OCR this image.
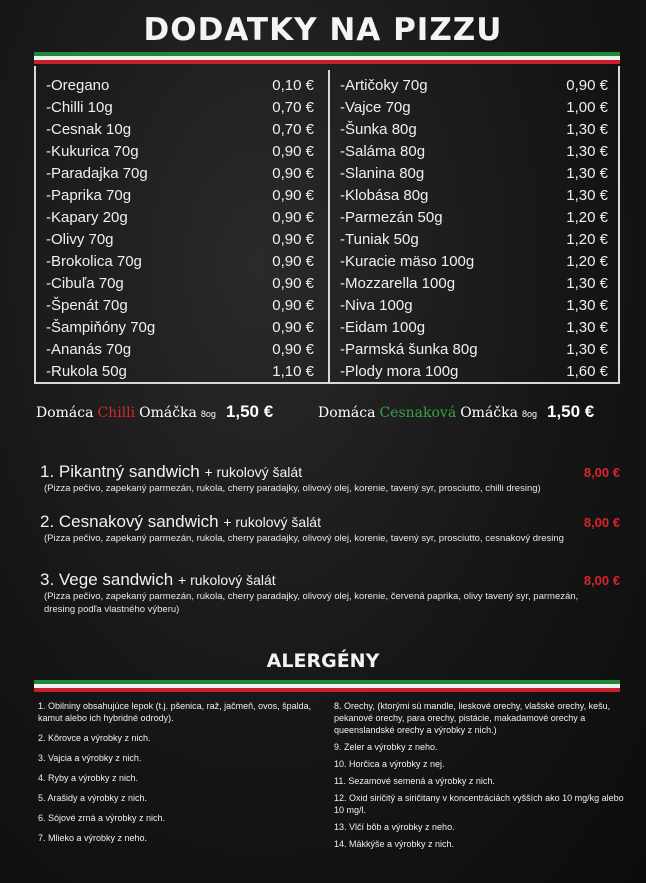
DODATKY NA PIZZU
-Oregano	0,10 €
-Chilli 10g	0,70 €
-Cesnak 10g	0,70 €
-Kukurica 70g	0,90 €
-Paradajka 70g	0,90 €
-Paprika 70g	0,90 €
-Kapary 20g	0,90 €
-Olivy 70g	0,90 €
-Brokolica 70g	0,90 €
-Cibuľa 70g	0,90 €
-Špenát 70g	0,90 €
-Šampiňóny 70g	0,90 €
-Ananás 70g	0,90 €
-Rukola 50g	1,10 €
-Artičoky 70g	0,90 €
-Vajce 70g	1,00 €
-Šunka 80g	1,30 €
-Saláma 80g	1,30 €
-Slanina 80g	1,30 €
-Klobása 80g	1,30 €
-Parmezán 50g	1,20 €
-Tuniak 50g	1,20 €
-Kuracie mäso 100g	1,20 €
-Mozzarella 100g	1,30 €
-Niva 100g	1,30 €
-Eidam 100g	1,30 €
-Parmská šunka 80g	1,30 €
-Plody mora 100g	1,60 €
Domáca Chilli Omáčka 8og 1,50 €	Domáca Cesnaková Omáčka 8og 1,50 €
1. Pikantný sandwich + rukolový šalát	8,00 €
(Pizza pečivo, zapekaný parmezán, rukola, cherry paradajky, olivový olej, korenie, tavený syr, prosciutto, chilli dresing)
2. Cesnakový sandwich + rukolový šalát	8,00 €
(Pizza pečivo, zapekaný parmezán, rukola, cherry paradajky, olivový olej, korenie, tavený syr, prosciutto, cesnakový dresing
3. Vege sandwich + rukolový šalát	8,00 €
(Pizza pečivo, zapekaný parmezán, rukola, cherry paradajky, olivový olej, korenie, červená paprika, olivy tavený syr, parmezán, dresing podľa vlastného výberu)
ALERGÉNY

1. Obilniny obsahujúce lepok (t.j. pšenica, raž, jačmeň, ovos, špalda, kamut alebo ich hybridné odrody).

2. Kôrovce a výrobky z nich.

3. Vajcia a výrobky z nich.

4. Ryby a výrobky z nich.

5. Arašidy a výrobky z nich.

6. Sójové zrná a výrobky z nich.

7. Mlieko a výrobky z neho.

8. Orechy, (ktorými sú mandle, lieskové orechy, vlašské orechy, kešu, pekanové orechy, para orechy, pistácie, makadamové orechy a queenslandské orechy a výrobky z nich.)

9. Zeler a výrobky z neho.

10. Horčica a výrobky z nej.

11. Sezamové semená a výrobky z nich.

12. Oxid siričitý a siričitany v koncentráciách vyšších ako 10 mg/kg alebo 10 mg/l.

13. Vlčí bôb a výrobky z neho.

14. Mäkkýše a výrobky z nich.
